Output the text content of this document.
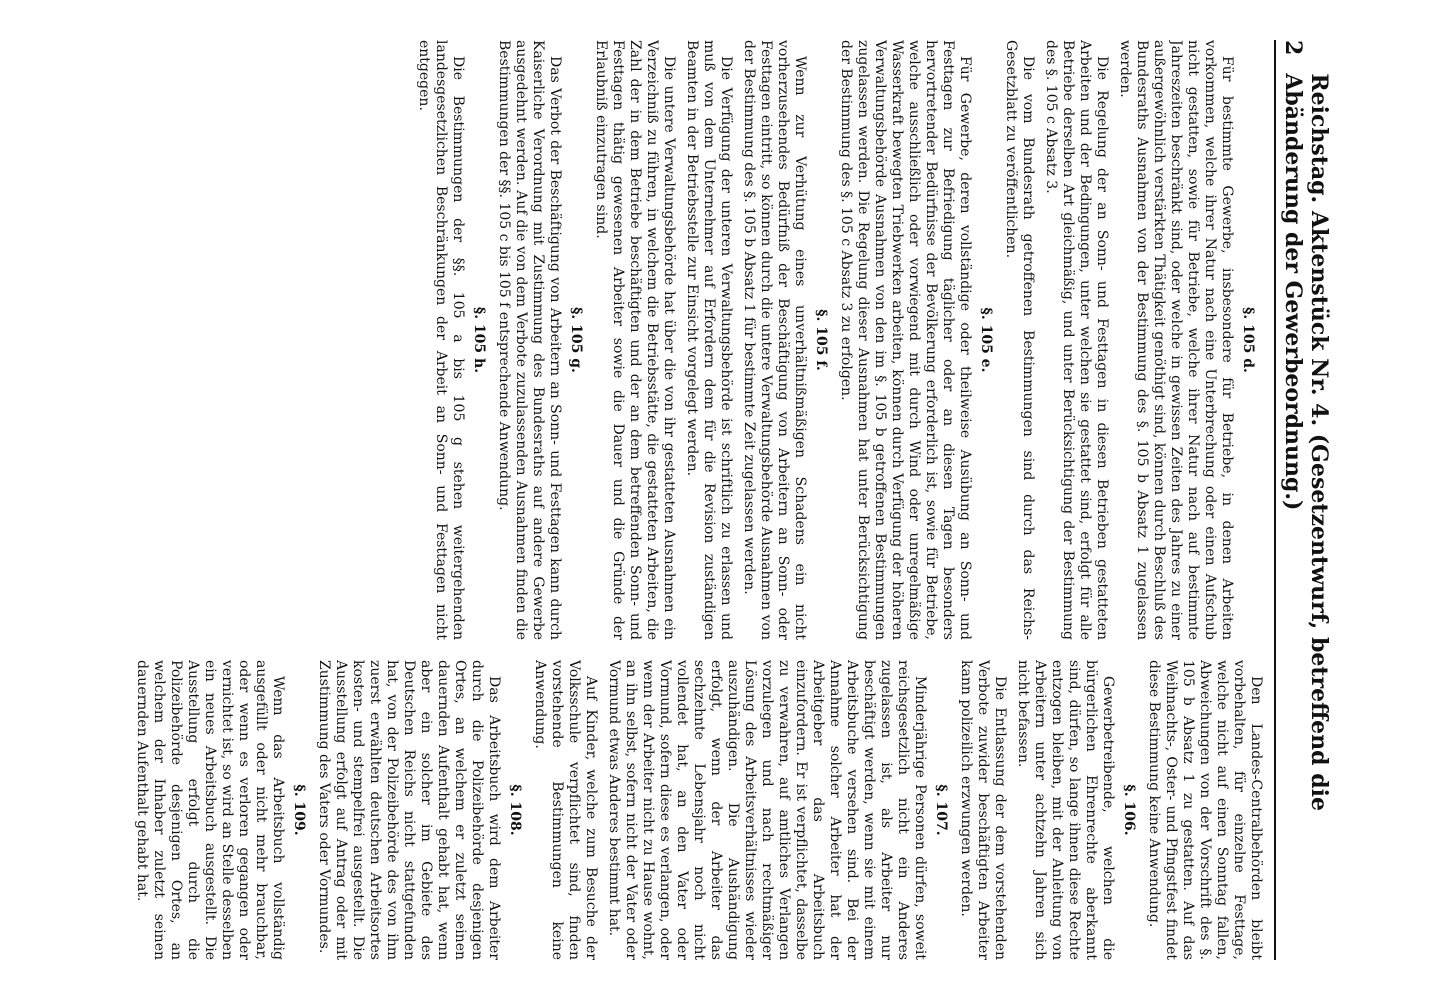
2
Reichstag. Aktenstück Nr. 4. (Gesetzentwurf, betreffend die Abänderung der Gewerbeordnung.)
§. 105 d.

Für bestimmte Gewerbe, insbesondere für Betriebe, in denen Arbeiten vorkommen, welche ihrer Natur nach eine Unterbrechung oder einen Aufschub nicht gestatten, sowie für Betriebe, welche ihrer Natur nach auf bestimmte Jahreszeiten beschränkt sind, oder welche in gewissen Zeiten des Jahres zu einer außergewöhnlich verstärkten Thätigkeit genöthigt sind, können durch Beschluß des Bundesraths Ausnahmen von der Bestimmung des §. 105 b Absatz 1 zugelassen werden.

Die Regelung der an Sonn- und Festtagen in diesen Betrieben gestatteten Arbeiten und der Bedingungen, unter welchen sie gestattet sind, erfolgt für alle Betriebe derselben Art gleichmäßig, und unter Berücksichtigung der Bestimmung des §. 105 c Absatz 3.

Die vom Bundesrath getroffenen Bestimmungen sind durch das Reichs-Gesetzblatt zu veröffentlichen.

§. 105 e.

Für Gewerbe, deren vollständige oder theilweise Ausübung an Sonn- und Festtagen zur Befriedigung täglicher oder an diesen Tagen besonders hervortretender Bedürfnisse der Bevölkerung erforderlich ist, sowie für Betriebe, welche ausschließlich oder vorwiegend mit durch Wind oder unregelmäßige Wasserkraft bewegten Triebwerken arbeiten, können durch Verfügung der höheren Verwaltungsbehörde Ausnahmen von den im §. 105 b getroffenen Bestimmungen zugelassen werden. Die Regelung dieser Ausnahmen hat unter Berücksichtigung der Bestimmung des §. 105 c Absatz 3 zu erfolgen.

§. 105 f.

Wenn zur Verhütung eines unverhältnißmäßigen Schadens ein nicht vorherzusehendes Bedürfniß der Beschäftigung von Arbeitern an Sonn- oder Festtagen eintritt, so können durch die untere Verwaltungsbehörde Ausnahmen von der Bestimmung des §. 105 b Absatz 1 für bestimmte Zeit zugelassen werden.

Die Verfügung der unteren Verwaltungsbehörde ist schriftlich zu erlassen und muß von dem Unternehmer auf Erfordern dem für die Revision zuständigen Beamten in der Betriebsstelle zur Einsicht vorgelegt werden.

Die untere Verwaltungsbehörde hat über die von ihr gestatteten Ausnahmen ein Verzeichniß zu führen, in welchem die Betriebsstätte, die gestatteten Arbeiten, die Zahl der in dem Betriebe beschäftigten und der an dem betreffenden Sonn- und Festtagen thätig gewesenen Arbeiter sowie die Dauer und die Gründe der Erlaubniß einzutragen sind.

§. 105 g.

Das Verbot der Beschäftigung von Arbeitern an Sonn- und Festtagen kann durch Kaiserliche Verordnung mit Zustimmung des Bundesraths auf andere Gewerbe ausgedehnt werden. Auf die von dem Verbote zuzulassenden Ausnahmen finden die Bestimmungen der §§. 105 c bis 105 f entsprechende Anwendung.

§. 105 h.

Die Bestimmungen der §§. 105 a bis 105 g stehen weitergehenden landesgesetzlichen Beschränkungen der Arbeit an Sonn- und Festtagen nicht entgegen.

Den Landes-Centralbehörden bleibt vorbehalten, für einzelne Festtage, welche nicht auf einen Sonntag fallen, Abweichungen von der Vorschrift des §. 105 b Absatz 1 zu gestatten. Auf das Weihnachts-, Oster- und Pfingstfest findet diese Bestimmung keine Anwendung.

§. 106.

Gewerbetreibende, welchen die bürgerlichen Ehrenrechte aberkannt sind, dürfen, so lange ihnen diese Rechte entzogen bleiben, mit der Anleitung von Arbeitern unter achtzehn Jahren sich nicht befassen.

Die Entlassung der dem vorstehenden Verbote zuwider beschäftigten Arbeiter kann polizeilich erzwungen werden.

§. 107.

Minderjährige Personen dürfen, soweit reichsgesetzlich nicht ein Anderes zugelassen ist, als Arbeiter nur beschäftigt werden, wenn sie mit einem Arbeitsbuche versehen sind. Bei der Annahme solcher Arbeiter hat der Arbeitgeber das Arbeitsbuch einzufordern. Er ist verpflichtet, dasselbe zu verwahren, auf amtliches Verlangen vorzulegen und nach rechtmäßiger Lösung des Arbeitsverhältnisses wieder auszuhändigen. Die Aushändigung erfolgt, wenn der Arbeiter das sechzehnte Lebensjahr noch nicht vollendet hat, an den Vater oder Vormund, sofern diese es verlangen, oder wenn der Arbeiter nicht zu Hause wohnt, an ihn selbst, sofern nicht der Vater oder Vormund etwas Anderes bestimmt hat.

Auf Kinder, welche zum Besuche der Volksschule verpflichtet sind, finden vorstehende Bestimmungen keine Anwendung.

§. 108.

Das Arbeitsbuch wird dem Arbeiter durch die Polizeibehörde desjenigen Ortes, an welchem er zuletzt seinen dauernden Aufenthalt gehabt hat, wenn aber ein solcher im Gebiete des Deutschen Reichs nicht stattgefunden hat, von der Polizeibehörde des von ihm zuerst erwählten deutschen Arbeitsortes kosten- und stempelfrei ausgestellt. Die Ausstellung erfolgt auf Antrag oder mit Zustimmung des Vaters oder Vormundes.

§. 109.

Wenn das Arbeitsbuch vollständig ausgefüllt oder nicht mehr brauchbar, oder wenn es verloren gegangen oder vernichtet ist, so wird an Stelle desselben ein neues Arbeitsbuch ausgestellt. Die Ausstellung erfolgt durch die Polizeibehörde desjenigen Ortes, an welchem der Inhaber zuletzt seinen dauernden Aufenthalt gehabt hat.
